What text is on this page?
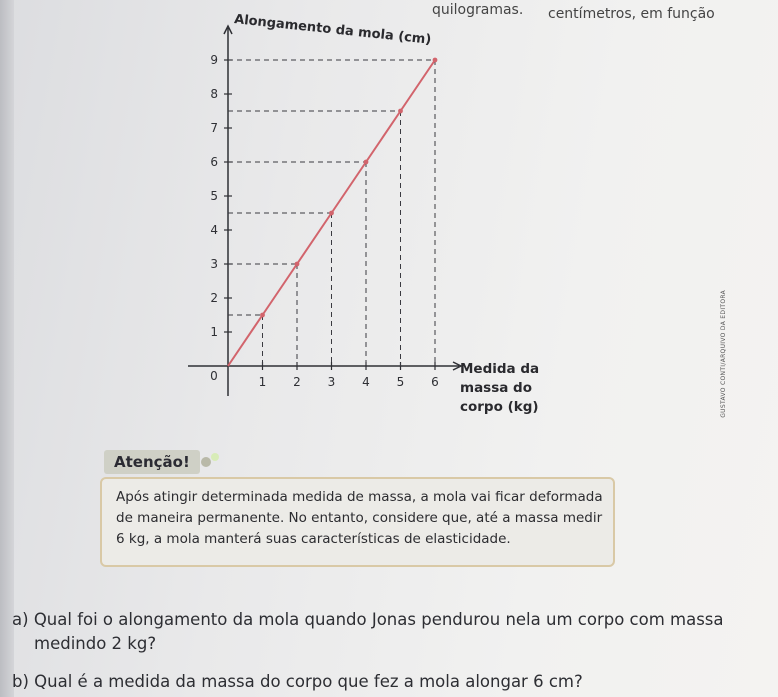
quilogramas. centímetros, em função
Alongamento da mola (cm)
1
2
3
4
5
6
7
8
9
1 2 3 4 5 6
0	Medida da
massa do
corpo (kg)	GUSTAVO CONTI/ARQUIVO DA EDITORA
Atenção!
Após atingir determinada medida de massa, a mola vai ficar deformada
de maneira permanente. No entanto, considere que, até a massa medir
6 kg, a mola manterá suas características de elasticidade.
a) Qual foi o alongamento da mola quando Jonas pendurou nela um corpo com massa
medindo 2 kg?
b) Qual é a medida da massa do corpo que fez a mola alongar 6 cm?
